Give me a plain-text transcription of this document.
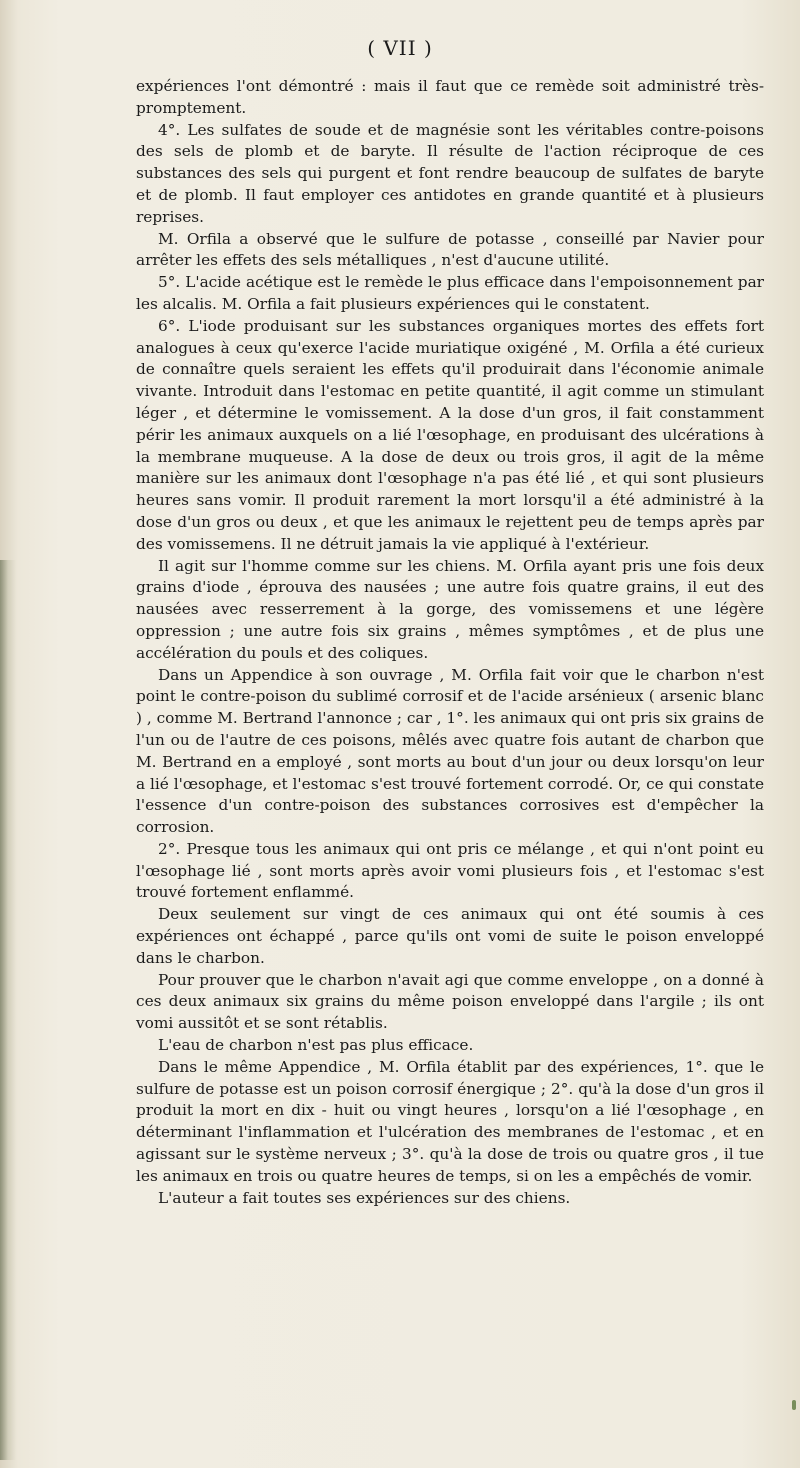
( VII )

expériences l'ont démontré : mais il faut que ce remède soit administré très-promptement.

4°. Les sulfates de soude et de magnésie sont les véritables contre-poisons des sels de plomb et de baryte. Il résulte de l'action réciproque de ces substances des sels qui purgent et font rendre beaucoup de sulfates de baryte et de plomb. Il faut employer ces antidotes en grande quantité et à plusieurs reprises.

M. Orfila a observé que le sulfure de potasse , conseillé par Navier pour arrêter les effets des sels métalliques , n'est d'aucune utilité.

5°. L'acide acétique est le remède le plus efficace dans l'empoisonnement par les alcalis. M. Orfila a fait plusieurs expériences qui le constatent.

6°. L'iode produisant sur les substances organiques mortes des effets fort analogues à ceux qu'exerce l'acide muriatique oxigéné , M. Orfila a été curieux de connaître quels seraient les effets qu'il produirait dans l'économie animale vivante. Introduit dans l'estomac en petite quantité, il agit comme un stimulant léger , et détermine le vomissement. A la dose d'un gros, il fait constamment périr les animaux auxquels on a lié l'œsophage, en produisant des ulcérations à la membrane muqueuse. A la dose de deux ou trois gros, il agit de la même manière sur les animaux dont l'œsophage n'a pas été lié , et qui sont plusieurs heures sans vomir. Il produit rarement la mort lorsqu'il a été administré à la dose d'un gros ou deux , et que les animaux le rejettent peu de temps après par des vomissemens. Il ne détruit jamais la vie appliqué à l'extérieur.

Il agit sur l'homme comme sur les chiens. M. Orfila ayant pris une fois deux grains d'iode , éprouva des nausées ; une autre fois quatre grains, il eut des nausées avec resserrement à la gorge, des vomissemens et une légère oppression ; une autre fois six grains , mêmes symptômes , et de plus une accélération du pouls et des coliques.

Dans un Appendice à son ouvrage , M. Orfila fait voir que le charbon n'est point le contre-poison du sublimé corrosif et de l'acide arsénieux ( arsenic blanc ) , comme M. Bertrand l'annonce ; car , 1°. les animaux qui ont pris six grains de l'un ou de l'autre de ces poisons, mêlés avec quatre fois autant de charbon que M. Bertrand en a employé , sont morts au bout d'un jour ou deux lorsqu'on leur a lié l'œsophage, et l'estomac s'est trouvé fortement corrodé. Or, ce qui constate l'essence d'un contre-poison des substances corrosives est d'empêcher la corrosion.

2°. Presque tous les animaux qui ont pris ce mélange , et qui n'ont point eu l'œsophage lié , sont morts après avoir vomi plusieurs fois , et l'estomac s'est trouvé fortement enflammé.

Deux seulement sur vingt de ces animaux qui ont été soumis à ces expériences ont échappé , parce qu'ils ont vomi de suite le poison enveloppé dans le charbon.

Pour prouver que le charbon n'avait agi que comme enveloppe , on a donné à ces deux animaux six grains du même poison enveloppé dans l'argile ; ils ont vomi aussitôt et se sont rétablis.

L'eau de charbon n'est pas plus efficace.

Dans le même Appendice , M. Orfila établit par des expériences, 1°. que le sulfure de potasse est un poison corrosif énergique ; 2°. qu'à la dose d'un gros il produit la mort en dix - huit ou vingt heures , lorsqu'on a lié l'œsophage , en déterminant l'inflammation et l'ulcération des membranes de l'estomac , et en agissant sur le système nerveux ; 3°. qu'à la dose de trois ou quatre gros , il tue les animaux en trois ou quatre heures de temps, si on les a empêchés de vomir.

L'auteur a fait toutes ses expériences sur des chiens.
